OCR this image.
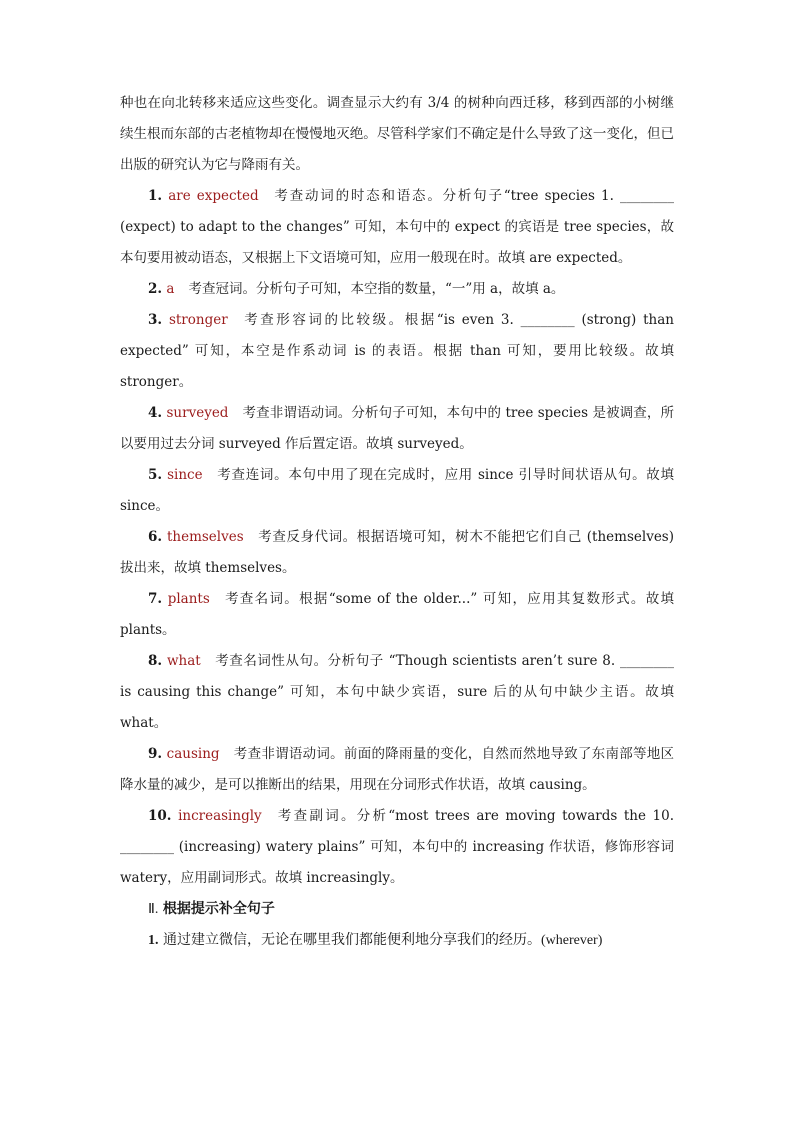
种也在向北转移来适应这些变化。调查显示大约有 3/4 的树种向西迁移，移到西部的小树继续生根而东部的古老植物却在慢慢地灭绝。尽管科学家们不确定是什么导致了这一变化，但已出版的研究认为它与降雨有关。

1. are expected 考查动词的时态和语态。分析句子“tree species 1. ________ (expect) to adapt to the changes” 可知，本句中的 expect 的宾语是 tree species，故本句要用被动语态，又根据上下文语境可知，应用一般现在时。故填 are expected。

2. a 考查冠词。分析句子可知，本空指的数量，“一”用 a，故填 a。

3. stronger 考查形容词的比较级。根据“is even 3. ________ (strong) than expected” 可知，本空是作系动词 is 的表语。根据 than 可知，要用比较级。故填 stronger。

4. surveyed 考查非谓语动词。分析句子可知，本句中的 tree species 是被调查，所以要用过去分词 surveyed 作后置定语。故填 surveyed。

5. since 考查连词。本句中用了现在完成时，应用 since 引导时间状语从句。故填 since。

6. themselves 考查反身代词。根据语境可知，树木不能把它们自己 (themselves) 拔出来，故填 themselves。

7. plants 考查名词。根据“some of the older...” 可知，应用其复数形式。故填 plants。

8. what 考查名词性从句。分析句子 “Though scientists aren’t sure 8. ________ is causing this change” 可知，本句中缺少宾语，sure 后的从句中缺少主语。故填 what。

9. causing 考查非谓语动词。前面的降雨量的变化，自然而然地导致了东南部等地区降水量的减少，是可以推断出的结果，用现在分词形式作状语，故填 causing。

10. increasingly 考查副词。分析“most trees are moving towards the 10. ________ (increasing) watery plains” 可知，本句中的 increasing 作状语，修饰形容词 watery，应用副词形式。故填 increasingly。

Ⅱ. 根据提示补全句子
1. 通过建立微信，无论在哪里我们都能便利地分享我们的经历。(wherever)
